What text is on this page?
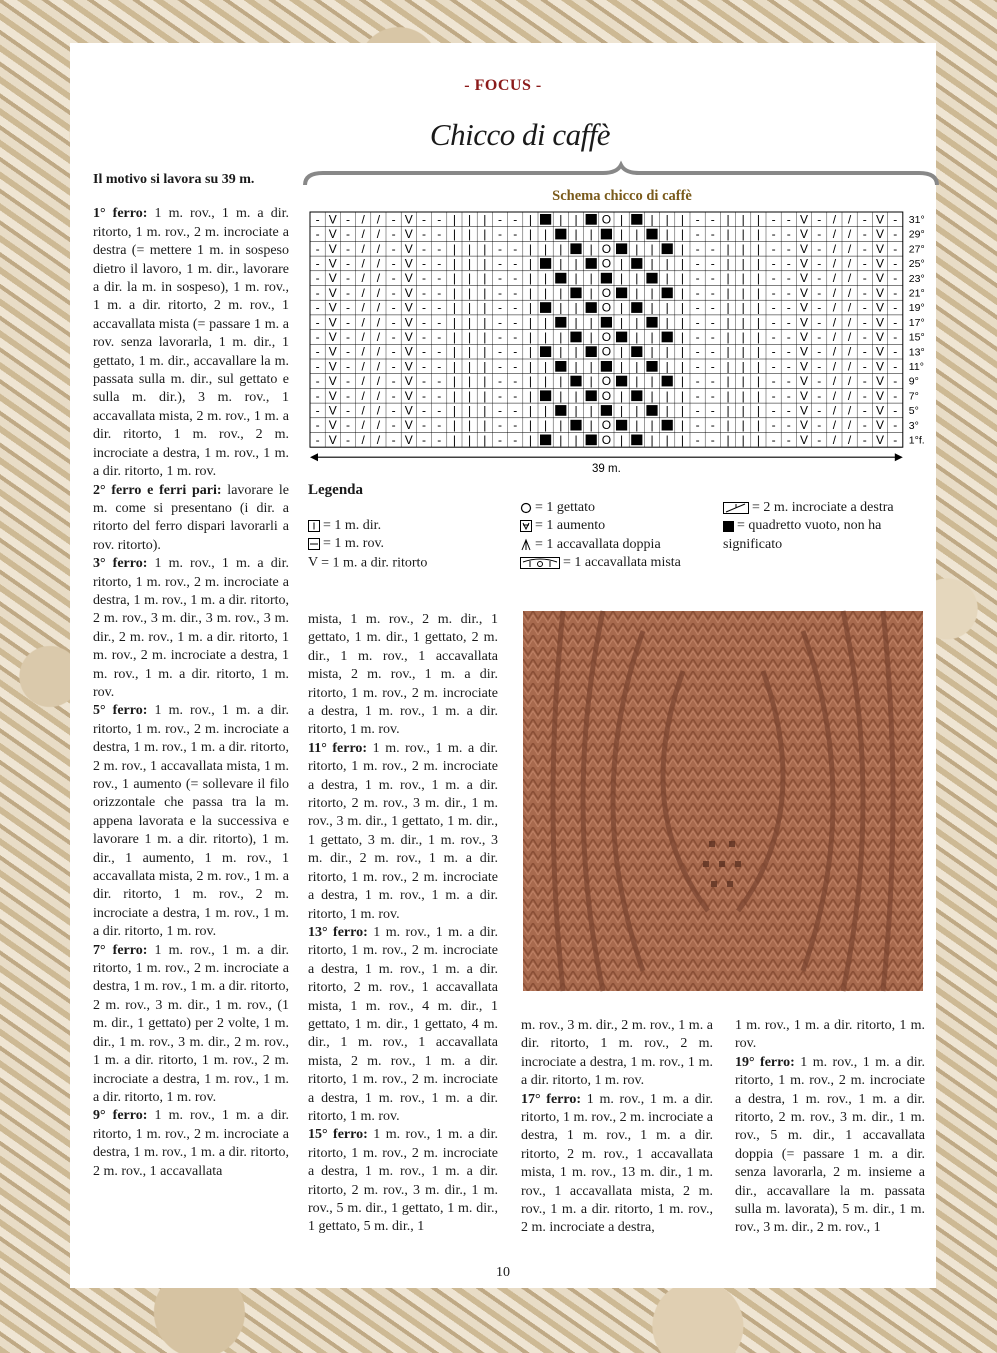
- FOCUS -
Chicco di caffè
Schema chicco di caffè
- V - / / - V - - | | | - - | | | O | | | | - - | | | - - V - / / - V -
- V - / / - V - - | | | - - | | | | | | | | - - | | | - - V - / / - V -
- V - / / - V - - | | | - - | | | | O | | | - - | | | - - V - / / - V -
- V - / / - V - - | | | - - | | | O | | | | - - | | | - - V - / / - V -
- V - / / - V - - | | | - - | | | | | | | | - - | | | - - V - / / - V -
- V - / / - V - - | | | - - | | | | O | | | - - | | | - - V - / / - V -
- V - / / - V - - | | | - - | | | O | | | | - - | | | - - V - / / - V -
- V - / / - V - - | | | - - | | | | | | | | - - | | | - - V - / / - V -
- V - / / - V - - | | | - - | | | | O | | | - - | | | - - V - / / - V -
- V - / / - V - - | | | - - | | | O | | | | - - | | | - - V - / / - V -
- V - / / - V - - | | | - - | | | | | | | | - - | | | - - V - / / - V -
- V - / / - V - - | | | - - | | | | O | | | - - | | | - - V - / / - V -
- V - / / - V - - | | | - - | | | O | | | | - - | | | - - V - / / - V -
- V - / / - V - - | | | - - | | | | | | | | - - | | | - - V - / / - V -
- V - / / - V - - | | | - - | | | | O | | | - - | | | - - V - / / - V -
- V - / / - V - - | | | - - | | | O | | | | - - | | | - - V - / / - V -
31°
29°
27°
25°
23°
21°
19°
17°
15°
13°
11°
9°
7°
5°
3°
1°f.
39 m.
Legenda
= 1 m. dir.
= 1 m. rov.
V = 1 m. a dir. ritorto
= 1 gettato
= 1 aumento
= 1 accavallata doppia
= 1 accavallata mista
= 2 m. incrociate a destra
= quadretto vuoto, non ha significato
Il motivo si lavora su 39 m.

1° ferro: 1 m. rov., 1 m. a dir. ritorto, 1 m. rov., 2 m. incrociate a destra (= mettere 1 m. in sospeso dietro il lavoro, 1 m. dir., lavorare a dir. la m. in sospeso), 1 m. rov., 1 m. a dir. ritorto, 2 m. rov., 1 accavallata mista (= passare 1 m. a rov. senza lavorarla, 1 m. dir., 1 gettato, 1 m. dir., accavallare la m. passata sulla m. dir., sul gettato e sulla m. dir.), 3 m. rov., 1 accavallata mista, 2 m. rov., 1 m. a dir. ritorto, 1 m. rov., 2 m. incrociate a destra, 1 m. rov., 1 m. a dir. ritorto, 1 m. rov.

2° ferro e ferri pari: lavorare le m. come si presentano (i dir. a ritorto del ferro dispari lavorarli a rov. ritorto).

3° ferro: 1 m. rov., 1 m. a dir. ritorto, 1 m. rov., 2 m. incrociate a destra, 1 m. rov., 1 m. a dir. ritorto, 2 m. rov., 3 m. dir., 3 m. rov., 3 m. dir., 2 m. rov., 1 m. a dir. ritorto, 1 m. rov., 2 m. incrociate a destra, 1 m. rov., 1 m. a dir. ritorto, 1 m. rov.

5° ferro: 1 m. rov., 1 m. a dir. ritorto, 1 m. rov., 2 m. incrociate a destra, 1 m. rov., 1 m. a dir. ritorto, 2 m. rov., 1 accavallata mista, 1 m. rov., 1 aumento (= sollevare il filo orizzontale che passa tra la m. appena lavorata e la successiva e lavorare 1 m. a dir. ritorto), 1 m. dir., 1 aumento, 1 m. rov., 1 accavallata mista, 2 m. rov., 1 m. a dir. ritorto, 1 m. rov., 2 m. incrociate a destra, 1 m. rov., 1 m. a dir. ritorto, 1 m. rov.

7° ferro: 1 m. rov., 1 m. a dir. ritorto, 1 m. rov., 2 m. incrociate a destra, 1 m. rov., 1 m. a dir. ritorto, 2 m. rov., 3 m. dir., 1 m. rov., (1 m. dir., 1 gettato) per 2 volte, 1 m. dir., 1 m. rov., 3 m. dir., 2 m. rov., 1 m. a dir. ritorto, 1 m. rov., 2 m. incrociate a destra, 1 m. rov., 1 m. a dir. ritorto, 1 m. rov.

9° ferro: 1 m. rov., 1 m. a dir. ritorto, 1 m. rov., 2 m. incrociate a destra, 1 m. rov., 1 m. a dir. ritorto, 2 m. rov., 1 accavallata

mista, 1 m. rov., 2 m. dir., 1 gettato, 1 m. dir., 1 gettato, 2 m. dir., 1 m. rov., 1 accavallata mista, 2 m. rov., 1 m. a dir. ritorto, 1 m. rov., 2 m. incrociate a destra, 1 m. rov., 1 m. a dir. ritorto, 1 m. rov.

11° ferro: 1 m. rov., 1 m. a dir. ritorto, 1 m. rov., 2 m. incrociate a destra, 1 m. rov., 1 m. a dir. ritorto, 2 m. rov., 3 m. dir., 1 m. rov., 3 m. dir., 1 gettato, 1 m. dir., 1 gettato, 3 m. dir., 1 m. rov., 3 m. dir., 2 m. rov., 1 m. a dir. ritorto, 1 m. rov., 2 m. incrociate a destra, 1 m. rov., 1 m. a dir. ritorto, 1 m. rov.

13° ferro: 1 m. rov., 1 m. a dir. ritorto, 1 m. rov., 2 m. incrociate a destra, 1 m. rov., 1 m. a dir. ritorto, 2 m. rov., 1 accavallata mista, 1 m. rov., 4 m. dir., 1 gettato, 1 m. dir., 1 gettato, 4 m. dir., 1 m. rov., 1 accavallata mista, 2 m. rov., 1 m. a dir. ritorto, 1 m. rov., 2 m. incrociate a destra, 1 m. rov., 1 m. a dir. ritorto, 1 m. rov.

15° ferro: 1 m. rov., 1 m. a dir. ritorto, 1 m. rov., 2 m. incrociate a destra, 1 m. rov., 1 m. a dir. ritorto, 2 m. rov., 3 m. dir., 1 m. rov., 5 m. dir., 1 gettato, 1 m. dir., 1 gettato, 5 m. dir., 1

m. rov., 3 m. dir., 2 m. rov., 1 m. a dir. ritorto, 1 m. rov., 2 m. incrociate a destra, 1 m. rov., 1 m. a dir. ritorto, 1 m. rov.

17° ferro: 1 m. rov., 1 m. a dir. ritorto, 1 m. rov., 2 m. incrociate a destra, 1 m. rov., 1 m. a dir. ritorto, 2 m. rov., 1 accavallata mista, 1 m. rov., 13 m. dir., 1 m. rov., 1 accavallata mista, 2 m. rov., 1 m. a dir. ritorto, 1 m. rov., 2 m. incrociate a destra,

1 m. rov., 1 m. a dir. ritorto, 1 m. rov.

19° ferro: 1 m. rov., 1 m. a dir. ritorto, 1 m. rov., 2 m. incrociate a destra, 1 m. rov., 1 m. a dir. ritorto, 2 m. rov., 3 m. dir., 1 m. rov., 5 m. dir., 1 accavallata doppia (= passare 1 m. a dir. senza lavorarla, 2 m. insieme a dir., accavallare la m. passata sulla m. lavorata), 5 m. dir., 1 m. rov., 3 m. dir., 2 m. rov., 1

10
